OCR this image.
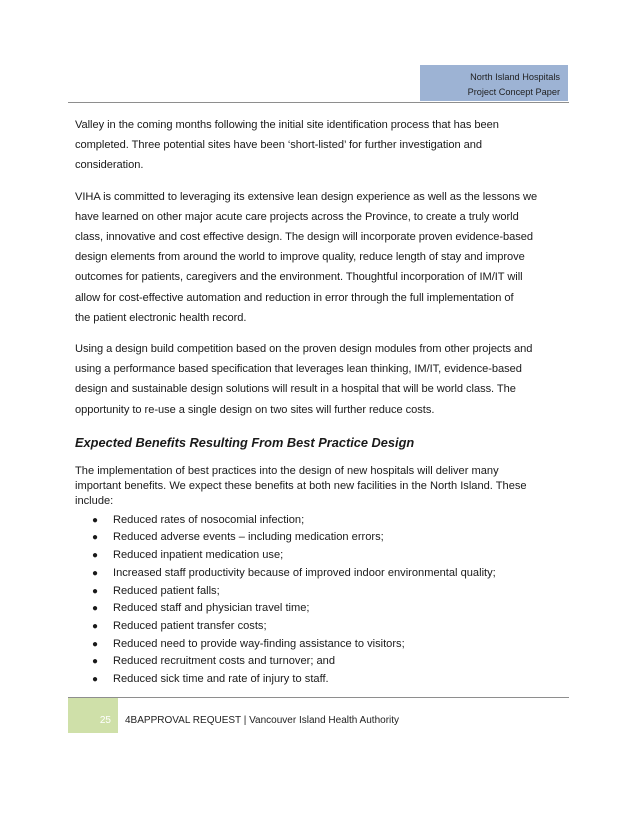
North Island Hospitals
Project Concept Paper

Valley in the coming months following the initial site identification process that has been
completed. Three potential sites have been ‘short-listed’ for further investigation and
consideration.

VIHA is committed to leveraging its extensive lean design experience as well as the lessons we
have learned on other major acute care projects across the Province, to create a truly world
class, innovative and cost effective design. The design will incorporate proven evidence-based
design elements from around the world to improve quality, reduce length of stay and improve
outcomes for patients, caregivers and the environment. Thoughtful incorporation of IM/IT will
allow for cost-effective automation and reduction in error through the full implementation of
the patient electronic health record.

Using a design build competition based on the proven design modules from other projects and
using a performance based specification that leverages lean thinking, IM/IT, evidence-based
design and sustainable design solutions will result in a hospital that will be world class. The
opportunity to re-use a single design on two sites will further reduce costs.

Expected Benefits Resulting From Best Practice Design

The implementation of best practices into the design of new hospitals will deliver many
important benefits. We expect these benefits at both new facilities in the North Island. These
include:

●	Reduced rates of nosocomial infection;
●	Reduced adverse events – including medication errors;
●	Reduced inpatient medication use;
●	Increased staff productivity because of improved indoor environmental quality;
●	Reduced patient falls;
●	Reduced staff and physician travel time;
●	Reduced patient transfer costs;
●	Reduced need to provide way-finding assistance to visitors;
●	Reduced recruitment costs and turnover; and
●	Reduced sick time and rate of injury to staff.
25	4BAPPROVAL REQUEST | Vancouver Island Health Authority
